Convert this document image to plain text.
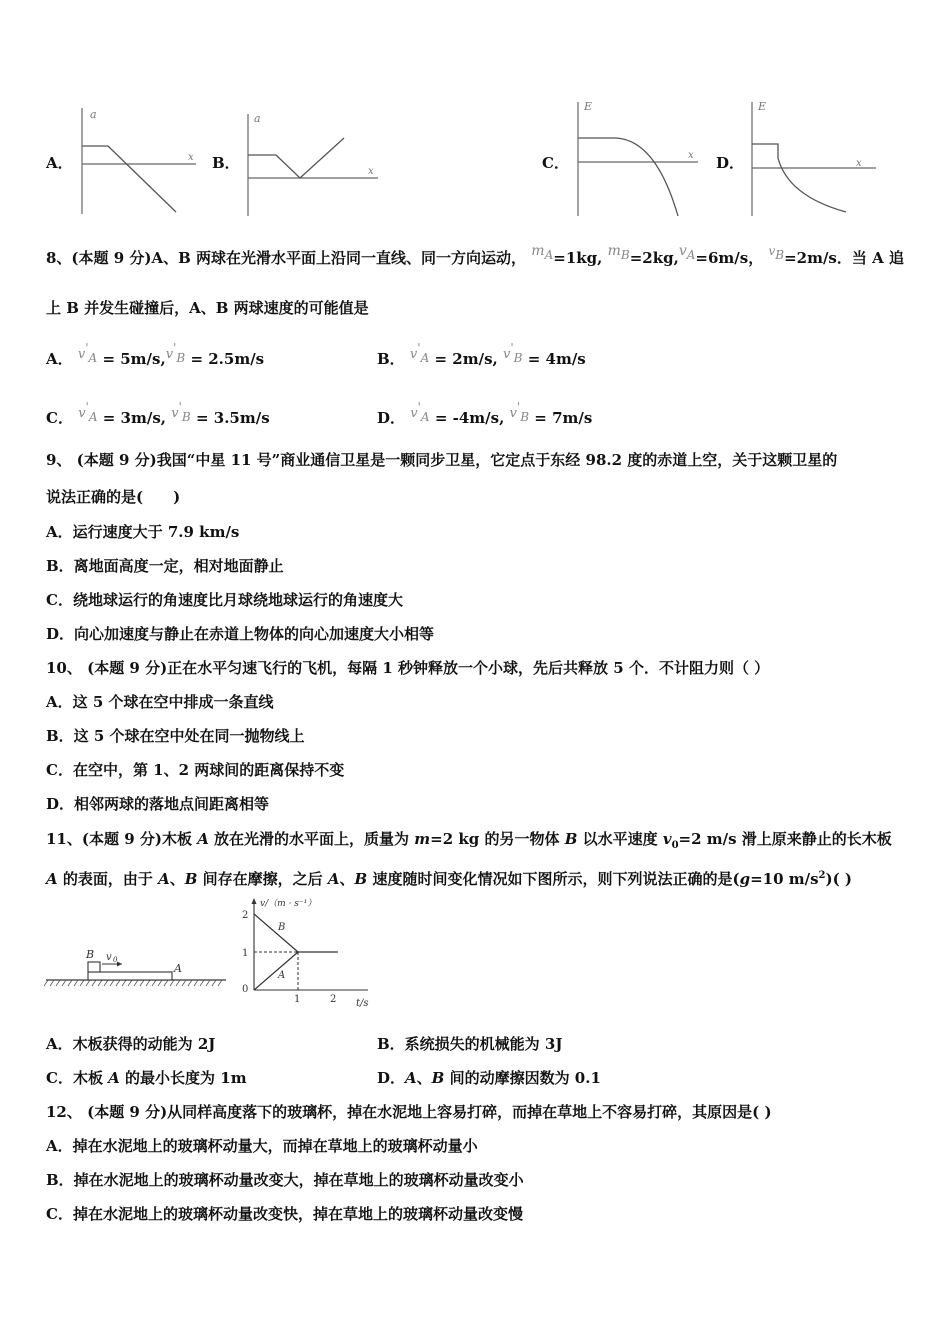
A．
a
x B．
a
x	C．
E
x D．
E
x
8、(本题 9 分)A、B 两球在光滑水平面上沿同一直线、同一方向运动， $m_A=1kg$, $m_B=2kg,v_A=6m/s$， $v_B=2m/s$．当 A 追
上 B 并发生碰撞后，A、B 两球速度的可能值是
A． $v'_A = 5m/s,v'_B = 2.5m/s$	B． $v'_A = 2m/s$, $v'_B = 4m/s$
C． $v'_A = 3m/s$, $v'_B = 3.5m/s$	D． $v'_A = -4m/s$, $v'_B = 7m/s$
9、 (本题 9 分)我国“中星 11 号”商业通信卫星是一颗同步卫星，它定点于东经 98.2 度的赤道上空，关于这颗卫星的
说法正确的是(　　)
A．运行速度大于 7.9 km/s
B．离地面高度一定，相对地面静止
C．绕地球运行的角速度比月球绕地球运行的角速度大
D．向心加速度与静止在赤道上物体的向心加速度大小相等
10、 (本题 9 分)正在水平匀速飞行的飞机，每隔 1 秒钟释放一个小球，先后共释放 5 个．不计阻力则（ ）
A．这 5 个球在空中排成一条直线
B．这 5 个球在空中处在同一抛物线上
C．在空中，第 1、2 两球间的距离保持不变
D．相邻两球的落地点间距离相等
11、(本题 9 分)木板 A 放在光滑的水平面上，质量为 m=2 kg 的另一物体 B 以水平速度 $v_0=2$ m/s 滑上原来静止的长木板
A 的表面，由于 A、B 间存在摩擦，之后 A、B 速度随时间变化情况如下图所示，则下列说法正确的是(g=10 $m/s^2$)( )
B v 0
A
v/（m · s⁻¹）
2
1
0
1	2 t/s
B
A
A．木板获得的动能为 2J	B．系统损失的机械能为 3J
C．木板 A 的最小长度为 1m	D．A、B 间的动摩擦因数为 0.1
12、 (本题 9 分)从同样高度落下的玻璃杯，掉在水泥地上容易打碎，而掉在草地上不容易打碎，其原因是( )
A．掉在水泥地上的玻璃杯动量大，而掉在草地上的玻璃杯动量小
B．掉在水泥地上的玻璃杯动量改变大，掉在草地上的玻璃杯动量改变小
C．掉在水泥地上的玻璃杯动量改变快，掉在草地上的玻璃杯动量改变慢
